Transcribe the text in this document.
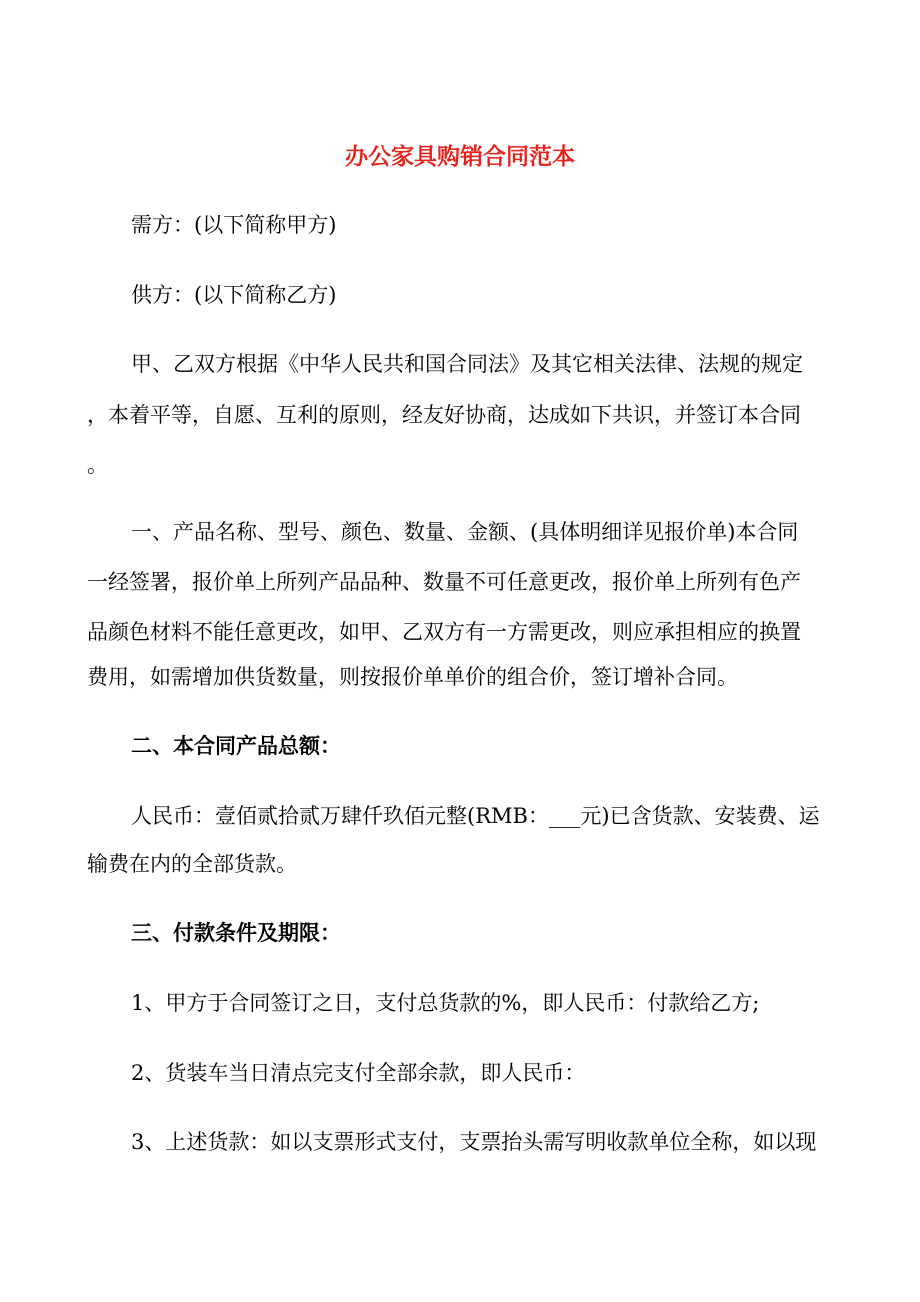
办公家具购销合同范本
需方：(以下简称甲方)
供方：(以下简称乙方)
甲、乙双方根据《中华人民共和国合同法》及其它相关法律、法规的规定
，本着平等，自愿、互利的原则，经友好协商，达成如下共识，并签订本合同
。
一、产品名称、型号、颜色、数量、金额、(具体明细详见报价单)本合同
一经签署，报价单上所列产品品种、数量不可任意更改，报价单上所列有色产
品颜色材料不能任意更改，如甲、乙双方有一方需更改，则应承担相应的换置
费用，如需增加供货数量，则按报价单单价的组合价，签订增补合同。
二、本合同产品总额：
人民币：壹佰贰拾贰万肆仟玖佰元整(RMB：___元)已含货款、安装费、运
输费在内的全部货款。
三、付款条件及期限：
1、甲方于合同签订之日，支付总货款的%，即人民币：付款给乙方;
2、货装车当日清点完支付全部余款，即人民币：
3、上述货款：如以支票形式支付，支票抬头需写明收款单位全称，如以现
